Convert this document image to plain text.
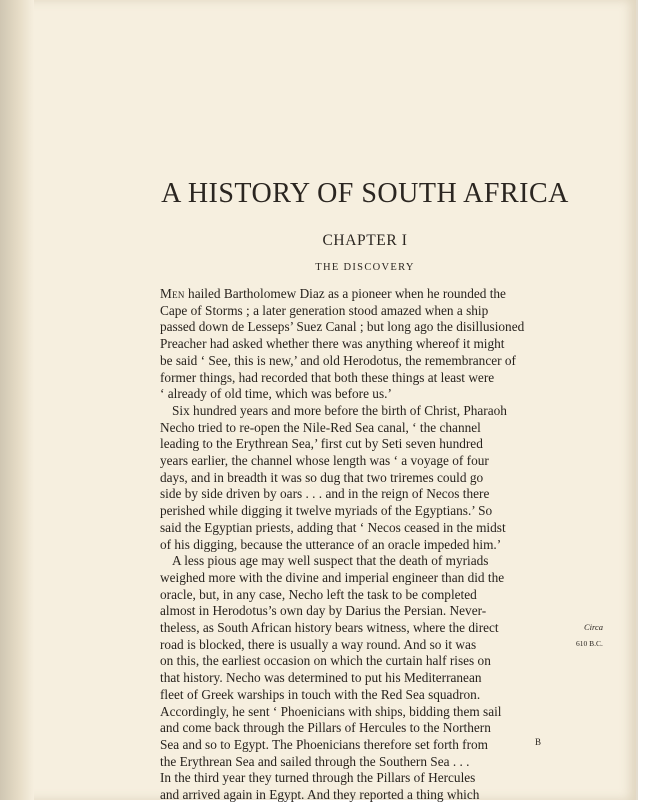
A HISTORY OF SOUTH AFRICA
CHAPTER I
THE DISCOVERY
Men hailed Bartholomew Diaz as a pioneer when he rounded the
Cape of Storms ; a later generation stood amazed when a ship
passed down de Lesseps’ Suez Canal ; but long ago the disillusioned
Preacher had asked whether there was anything whereof it might
be said ‘ See, this is new,’ and old Herodotus, the remembrancer of
former things, had recorded that both these things at least were
‘ already of old time, which was before us.’
Six hundred years and more before the birth of Christ, Pharaoh
Necho tried to re-open the Nile-Red Sea canal, ‘ the channel
leading to the Erythrean Sea,’ first cut by Seti seven hundred
years earlier, the channel whose length was ‘ a voyage of four
days, and in breadth it was so dug that two triremes could go
side by side driven by oars . . . and in the reign of Necos there
perished while digging it twelve myriads of the Egyptians.’ So
said the Egyptian priests, adding that ‘ Necos ceased in the midst
of his digging, because the utterance of an oracle impeded him.’
A less pious age may well suspect that the death of myriads
weighed more with the divine and imperial engineer than did the
oracle, but, in any case, Necho left the task to be completed
almost in Herodotus’s own day by Darius the Persian. Never-
theless, as South African history bears witness, where the direct
road is blocked, there is usually a way round. And so it was
on this, the earliest occasion on which the curtain half rises on
that history. Necho was determined to put his Mediterranean
fleet of Greek warships in touch with the Red Sea squadron.
Accordingly, he sent ‘ Phoenicians with ships, bidding them sail
and come back through the Pillars of Hercules to the Northern
Sea and so to Egypt. The Phoenicians therefore set forth from
the Erythrean Sea and sailed through the Southern Sea . . .
In the third year they turned through the Pillars of Hercules
and arrived again in Egypt. And they reported a thing which
Circa
610 B.C.
B
